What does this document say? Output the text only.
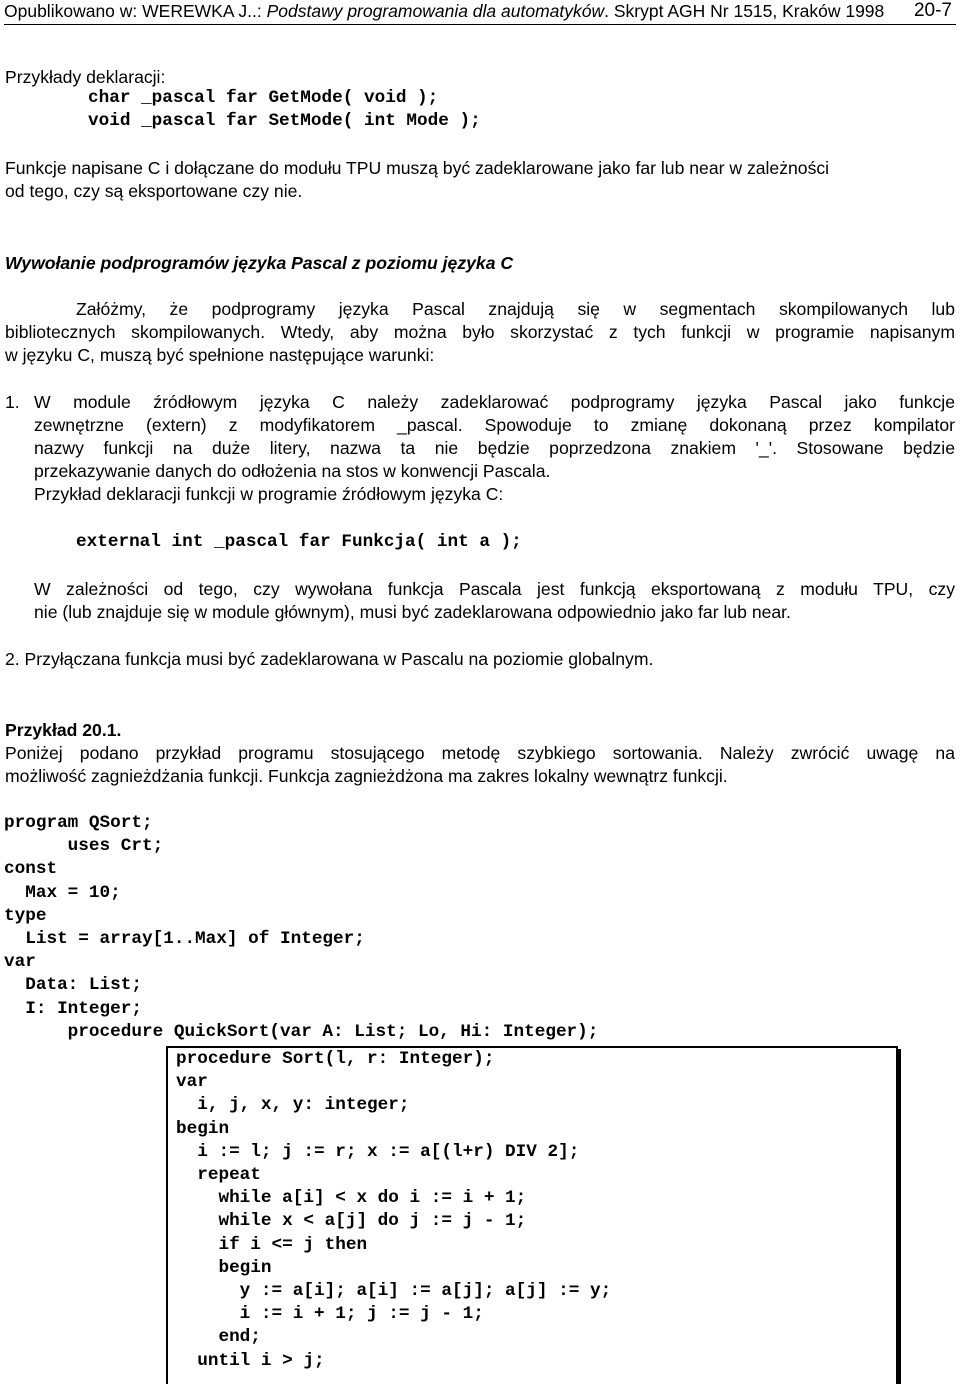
Opublikowano w: WEREWKA J..: Podstawy programowania dla automatyków. Skrypt AGH Nr 1515, Kraków 1998 20-7
Przykłady deklaracji:
char _pascal far GetMode( void );
void _pascal far SetMode( int Mode );
Funkcje napisane C i dołączane do modułu TPU muszą być zadeklarowane jako far lub near w zależności
od tego, czy są eksportowane czy nie.
Wywołanie podprogramów języka Pascal z poziomu języka C
Załóżmy, że podprogramy języka Pascal znajdują się w segmentach skompilowanych lub
bibliotecznych skompilowanych. Wtedy, aby można było skorzystać z tych funkcji w programie napisanym
w języku C, muszą być spełnione następujące warunki:
1. W module źródłowym języka C należy zadeklarować podprogramy języka Pascal jako funkcje
zewnętrzne (extern) z modyfikatorem _pascal. Spowoduje to zmianę dokonaną przez kompilator
nazwy funkcji na duże litery, nazwa ta nie będzie poprzedzona znakiem '_'. Stosowane będzie
przekazywanie danych do odłożenia na stos w konwencji Pascala.
Przykład deklaracji funkcji w programie źródłowym języka C:
external int _pascal far Funkcja( int a );
W zależności od tego, czy wywołana funkcja Pascala jest funkcją eksportowaną z modułu TPU, czy
nie (lub znajduje się w module głównym), musi być zadeklarowana odpowiednio jako far lub near.
2. Przyłączana funkcja musi być zadeklarowana w Pascalu na poziomie globalnym.
Przykład 20.1.
Poniżej podano przykład programu stosującego metodę szybkiego sortowania. Należy zwrócić uwagę na
możliwość zagnieżdżania funkcji. Funkcja zagnieżdżona ma zakres lokalny wewnątrz funkcji.
program QSort;
uses Crt;
const
Max = 10;
type
List = array[1..Max] of Integer;
var
Data: List;
I: Integer;
procedure QuickSort(var A: List; Lo, Hi: Integer);
procedure Sort(l, r: Integer);
var
i, j, x, y: integer;
begin
i := l; j := r; x := a[(l+r) DIV 2];
repeat
while a[i] < x do i := i + 1;
while x < a[j] do j := j - 1;
if i <= j then
begin
y := a[i]; a[i] := a[j]; a[j] := y;
i := i + 1; j := j - 1;
end;
until i > j;
